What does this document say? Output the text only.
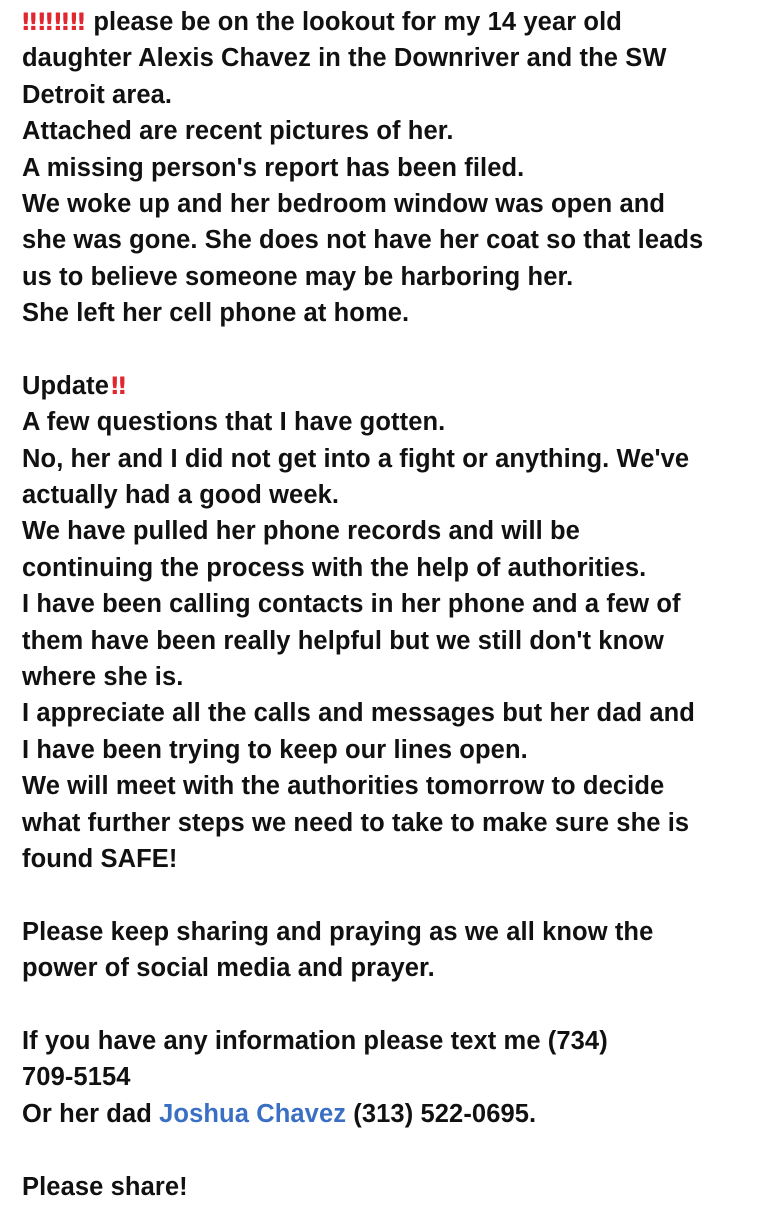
‼ ‼ ‼ ‼ please be on the lookout for my 14 year old
daughter Alexis Chavez in the Downriver and the SW
Detroit area.
Attached are recent pictures of her.
A missing person's report has been filed.
We woke up and her bedroom window was open and
she was gone. She does not have her coat so that leads
us to believe someone may be harboring her.
She left her cell phone at home.
Update‼
A few questions that I have gotten.
No, her and I did not get into a fight or anything. We've
actually had a good week.
We have pulled her phone records and will be
continuing the process with the help of authorities.
I have been calling contacts in her phone and a few of
them have been really helpful but we still don't know
where she is.
I appreciate all the calls and messages but her dad and
I have been trying to keep our lines open.
We will meet with the authorities tomorrow to decide
what further steps we need to take to make sure she is
found SAFE!
Please keep sharing and praying as we all know the
power of social media and prayer.
If you have any information please text me (734)
709-5154
Or her dad Joshua Chavez (313) 522-0695.
Please share!
